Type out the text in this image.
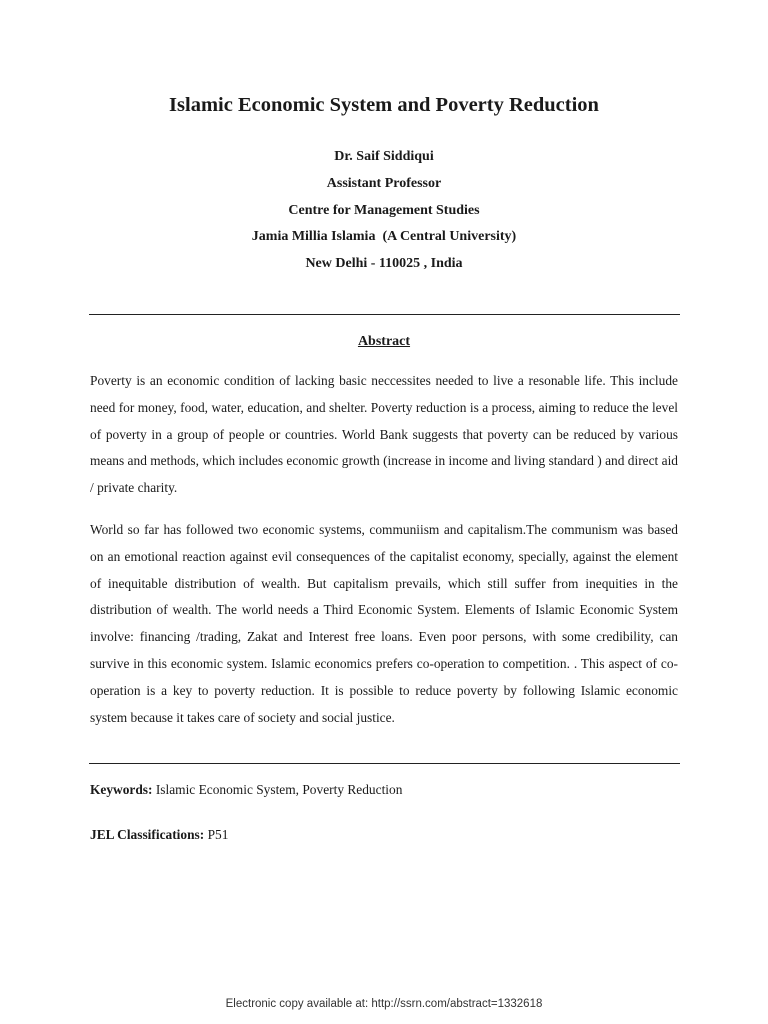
Islamic Economic System and Poverty Reduction
Dr. Saif Siddiqui
Assistant Professor
Centre for Management Studies
Jamia Millia Islamia  (A Central University)
New Delhi - 110025 , India
Abstract

Poverty is an economic condition of lacking basic neccessites needed to live a resonable life. This include need for money, food, water, education, and shelter. Poverty reduction is a process, aiming to reduce the level of poverty in a group of people or countries. World Bank suggests that poverty can be reduced by various means and methods, which includes economic growth (increase in income and living standard ) and direct aid / private charity.

World so far has followed two economic systems, communiism and capitalism.The communism was based on an emotional reaction against evil consequences of the capitalist economy, specially, against the element of inequitable distribution of wealth. But capitalism prevails, which still suffer from inequities in the distribution of wealth. The world needs a Third Economic System. Elements of Islamic Economic System involve: financing /trading, Zakat and Interest free loans. Even poor persons, with some credibility, can survive in this economic system. Islamic economics prefers co-operation to competition. . This aspect of co-operation is a key to poverty reduction. It is possible to reduce poverty by following Islamic economic system because it takes care of society and social justice.

Keywords: Islamic Economic System, Poverty Reduction
JEL Classifications: P51
Electronic copy available at: http://ssrn.com/abstract=1332618
